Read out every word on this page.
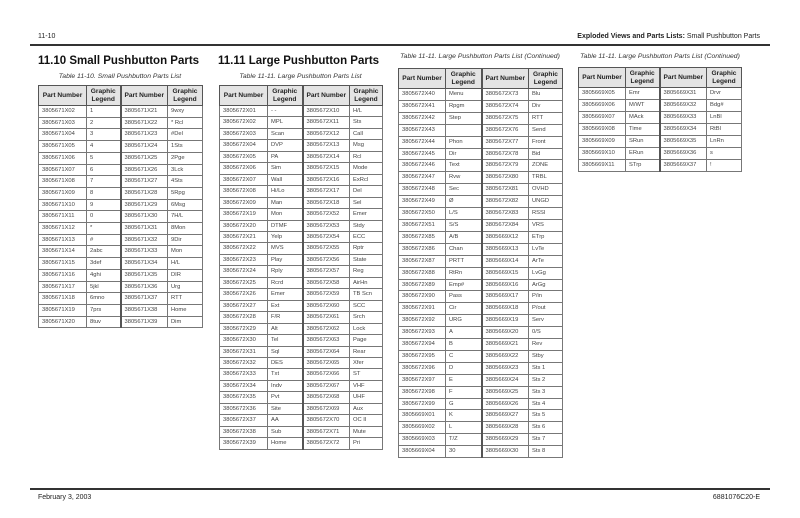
11-10	Exploded Views and Parts Lists: Small Pushbutton Parts
11.10 Small Pushbutton Parts
Table 11-10. Small Pushbutton Parts List
11.11 Large Pushbutton Parts
Table 11-11. Large Pushbutton Parts List
Table 11-11. Large Pushbutton Parts List (Continued)	Table 11-11. Large Pushbutton Parts List (Continued)
Part Number	Graphic Legend	Part Number	Graphic Legend
3805671X02	1	3805671X21	9wxy
3805671X03	2	3805671X22	* Rcl
3805671X04	3	3805671X23	#Del
3805671X05	4	3805671X24	1Sts
3805671X06	5	3805671X25	2Pge
3805671X07	6	3805671X26	3Lck
3805671X08	7	3805671X27	4Sts
3805671X09	8	3805671X28	5Rpg
3805671X10	9	3805671X29	6Msg
3805671X11	0	3805671X30	7H/L
3805671X12	*	3805671X31	8Mon
3805671X13	#	3805671X32	9Dir
3805671X14	2abc	3805671X33	Mon
3805671X15	3def	3805671X34	H/L
3805671X16	4ghi	3805671X35	DIR
3805671X17	5jkl	3805671X36	Urg
3805671X18	6mno	3805671X37	RTT
3805671X19	7prs	3805671X38	Home
3805671X20	8tuv	3805671X39	Dim
Part Number	Graphic Legend	Part Number	Graphic Legend
3805672X01	- -	3805672X10	H/L
3805672X02	MPL	3805672X11	Sts
3805672X03	Scan	3805672X12	Call
3805672X04	DVP	3805672X13	Msg
3805672X05	PA	3805672X14	Rcl
3805672X06	Sim	3805672X15	Mode
3805672X07	Wall	3805672X16	ExRcl
3805672X08	Hi/Lo	3805672X17	Del
3805672X09	Man	3805672X18	Sel
3805672X19	Mon	3805672X52	Emer
3805672X20	DTMF	3805672X53	Stdy
3805672X21	Yelp	3805672X54	ECC
3805672X22	MVS	3805672X55	Rptr
3805672X23	Play	3805672X56	State
3805672X24	Rply	3805672X57	Reg
3805672X25	Rcrd	3805672X58	AirHn
3805672X26	Emer	3805672X59	TB Scn
3805672X27	Ext	3805672X60	SCC
3805672X28	F/R	3805672X61	Srch
3805672X29	Alt	3805672X62	Lock
3805672X30	Tel	3805672X63	Page
3805672X31	Sql	3805672X64	Rear
3805672X32	DES	3805672X65	Xfer
3805672X33	Txt	3805672X66	ST
3805672X34	Indv	3805672X67	VHF
3805672X35	Pvt	3805672X68	UHF
3805672X36	Site	3805672X69	Aux
3805672X37	AA	3805672X70	OC II
3805672X38	Sub	3805672X71	Mute
3805672X39	Home	3805672X72	Pri
Part Number	Graphic Legend	Part Number	Graphic Legend
3805672X40	Menu	3805672X73	Blu
3805672X41	Rpgm	3805672X74	Div
3805672X42	Step	3805672X75	RTT
3805672X43		3805672X76	Send
3805672X44	Phon	3805672X77	Front
3805672X45	Dir	3805672X78	Bid
3805672X46	Text	3805672X79	ZONE
3805672X47	Rvw	3805672X80	TRBL
3805672X48	Sec	3805672X81	OVHD
3805672X49	Ø	3805672X82	UNGD
3805672X50	L/S	3805672X83	RSSI
3805672X51	S/S	3805672X84	VRS
3805672X85	A/B	3805669X12	ETrp
3805672X86	Chan	3805669X13	LvTe
3805672X87	PRTT	3805669X14	ArTe
3805672X88	RtRn	3805669X15	LvGg
3805672X89	Emp#	3805669X16	ArGg
3805672X90	Pass	3805669X17	P/in
3805672X91	Cir	3805669X18	P/out
3805672X92	URG	3805669X19	Serv
3805672X93	A	3805669X20	0/S
3805672X94	B	3805669X21	Rev
3805672X95	C	3805669X22	Stby
3805672X96	D	3805669X23	Sts 1
3805672X97	E	3805669X24	Sts 2
3805672X98	F	3805669X25	Sts 3
3805672X99	G	3805669X26	Sts 4
3805669X01	K	3805669X27	Sts 5
3805669X02	L	3805669X28	Sts 6
3805669X03	T/Z	3805669X29	Sts 7
3805669X04	30	3805669X30	Sts 8
Part Number	Graphic Legend	Part Number	Graphic Legend
3805669X05	Emr	3805669X31	Drvr
3805669X06	M/WT	3805669X32	Bdg#
3805669X07	MAck	3805669X33	LnBl
3805669X08	Time	3805669X34	RtBl
3805669X09	SRun	3805669X35	LnRn
3805669X10	ERun	3805669X36	s
3805669X11	STrp	3805669X37	!
February 3, 2003	6881076C20-E
